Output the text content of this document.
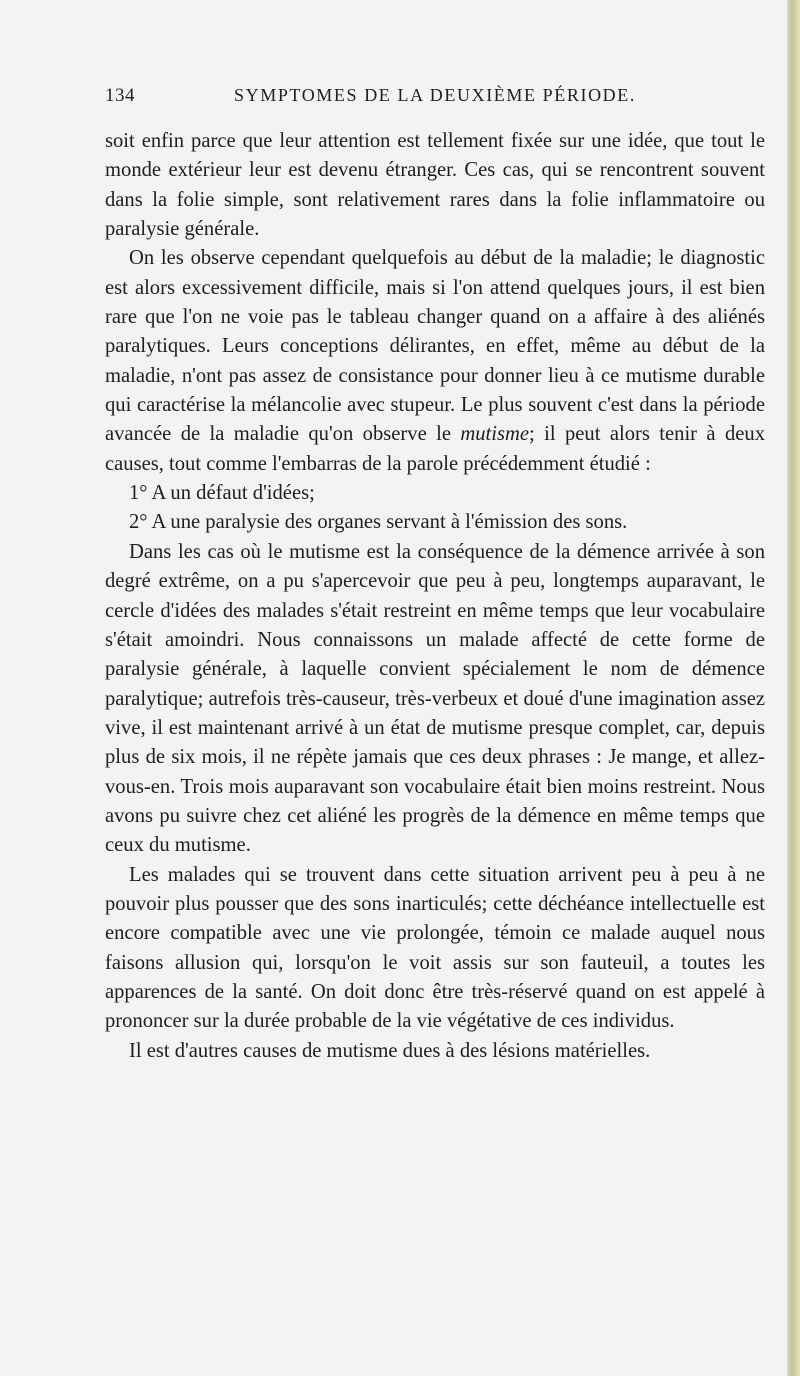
134	SYMPTOMES DE LA DEUXIÈME PÉRIODE.

soit enfin parce que leur attention est tellement fixée sur une idée, que tout le monde extérieur leur est devenu étranger. Ces cas, qui se rencontrent souvent dans la folie simple, sont relativement rares dans la folie inflammatoire ou paralysie générale.

On les observe cependant quelquefois au début de la maladie; le diagnostic est alors excessivement difficile, mais si l'on attend quelques jours, il est bien rare que l'on ne voie pas le tableau changer quand on a affaire à des aliénés paralytiques. Leurs conceptions délirantes, en effet, même au début de la maladie, n'ont pas assez de consistance pour donner lieu à ce mutisme durable qui caractérise la mélancolie avec stupeur. Le plus souvent c'est dans la période avancée de la maladie qu'on observe le mutisme; il peut alors tenir à deux causes, tout comme l'embarras de la parole précédemment étudié :

1° A un défaut d'idées;

2° A une paralysie des organes servant à l'émission des sons.

Dans les cas où le mutisme est la conséquence de la démence arrivée à son degré extrême, on a pu s'apercevoir que peu à peu, longtemps auparavant, le cercle d'idées des malades s'était restreint en même temps que leur vocabulaire s'était amoindri. Nous connaissons un malade affecté de cette forme de paralysie générale, à laquelle convient spécialement le nom de démence paralytique; autrefois très-causeur, très-verbeux et doué d'une imagination assez vive, il est maintenant arrivé à un état de mutisme presque complet, car, depuis plus de six mois, il ne répète jamais que ces deux phrases : Je mange, et allez-vous-en. Trois mois auparavant son vocabulaire était bien moins restreint. Nous avons pu suivre chez cet aliéné les progrès de la démence en même temps que ceux du mutisme.

Les malades qui se trouvent dans cette situation arrivent peu à peu à ne pouvoir plus pousser que des sons inarticulés; cette déchéance intellectuelle est encore compatible avec une vie prolongée, témoin ce malade auquel nous faisons allusion qui, lorsqu'on le voit assis sur son fauteuil, a toutes les apparences de la santé. On doit donc être très-réservé quand on est appelé à prononcer sur la durée probable de la vie végétative de ces individus.

Il est d'autres causes de mutisme dues à des lésions matérielles.
